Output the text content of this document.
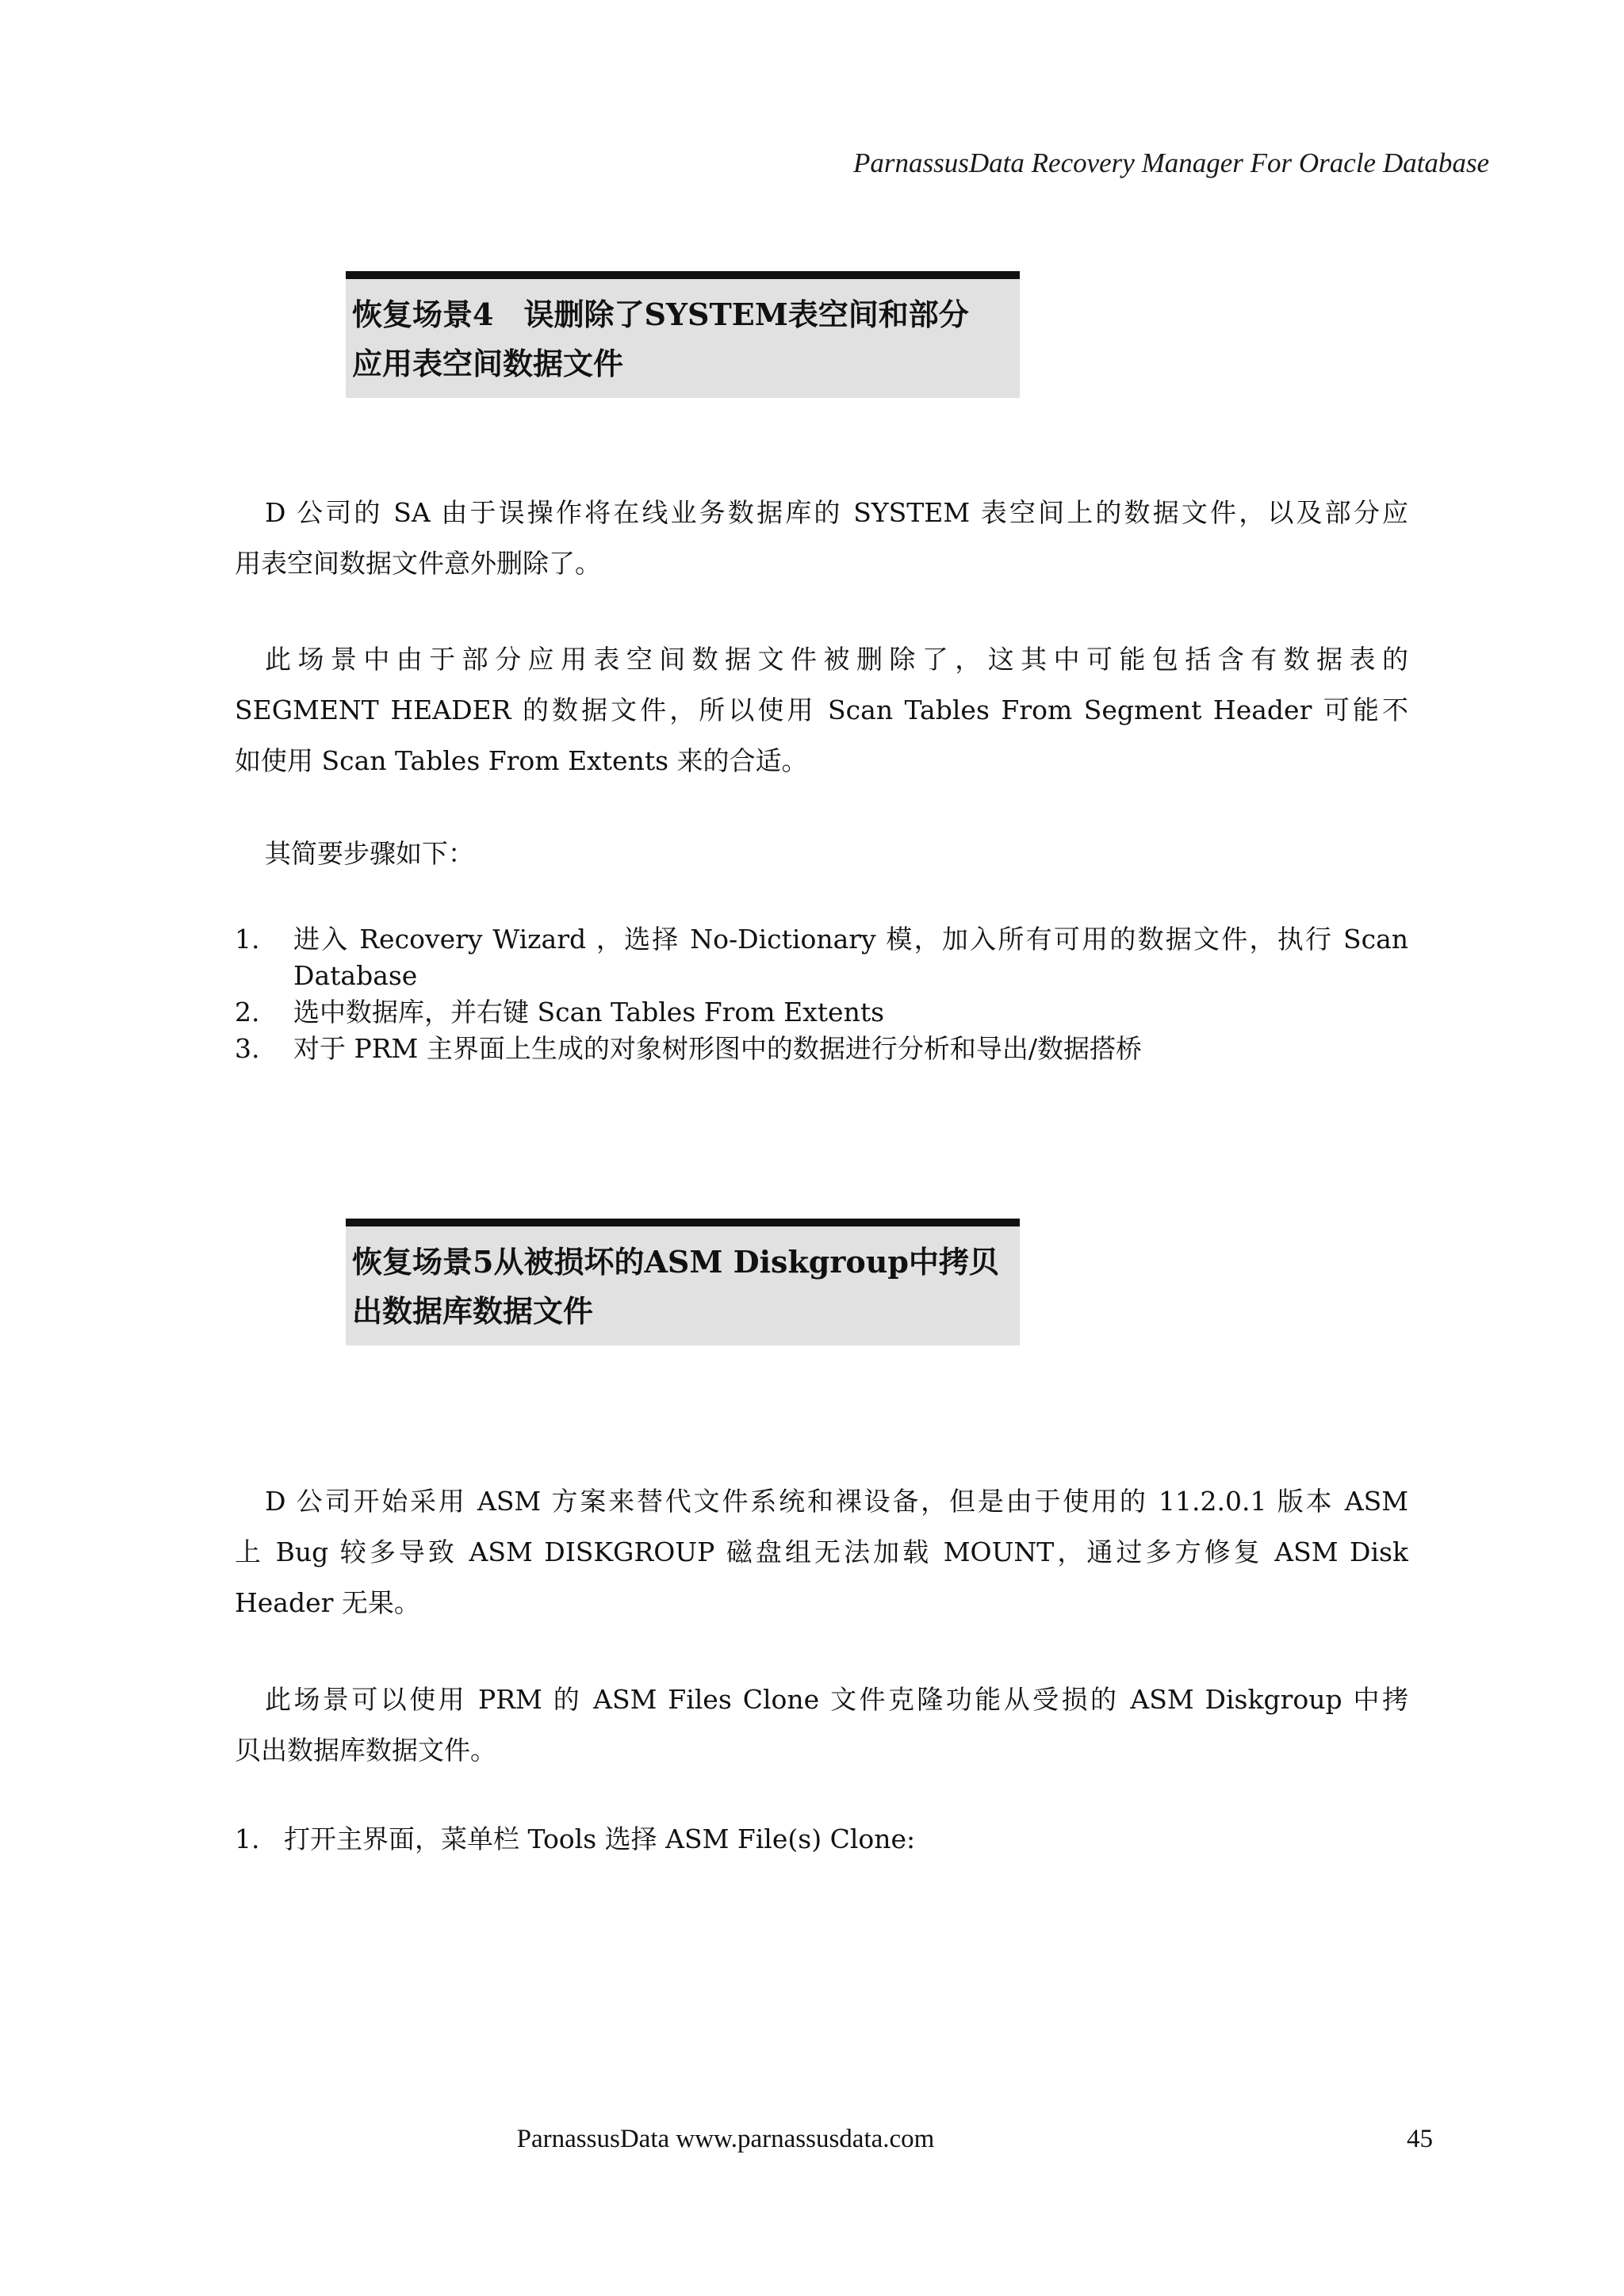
ParnassusData Recovery Manager For Oracle Database
恢复场景4　误删除了SYSTEM表空间和部分
应用表空间数据文件
D 公司的 SA 由于误操作将在线业务数据库的 SYSTEM 表空间上的数据文件，以及部分应
用表空间数据文件意外删除了。
此场景中由于部分应用表空间数据文件被删除了，这其中可能包括含有数据表的
SEGMENT HEADER 的数据文件，所以使用 Scan Tables From Segment Header 可能不
如使用 Scan Tables From Extents 来的合适。
其简要步骤如下：
1. 进入 Recovery Wizard ，选择 No-Dictionary 模，加入所有可用的数据文件，执行 Scan
Database
2. 选中数据库，并右键 Scan Tables From Extents
3. 对于 PRM 主界面上生成的对象树形图中的数据进行分析和导出/数据搭桥
恢复场景5从被损坏的ASM Diskgroup中拷贝
出数据库数据文件
D 公司开始采用 ASM 方案来替代文件系统和裸设备，但是由于使用的 11.2.0.1 版本 ASM
上 Bug 较多导致 ASM DISKGROUP 磁盘组无法加载 MOUNT，通过多方修复 ASM Disk
Header 无果。
此场景可以使用 PRM 的 ASM Files Clone 文件克隆功能从受损的 ASM Diskgroup 中拷
贝出数据库数据文件。
1. 打开主界面，菜单栏 Tools 选择 ASM File(s) Clone:
ParnassusData www.parnassusdata.com	45
